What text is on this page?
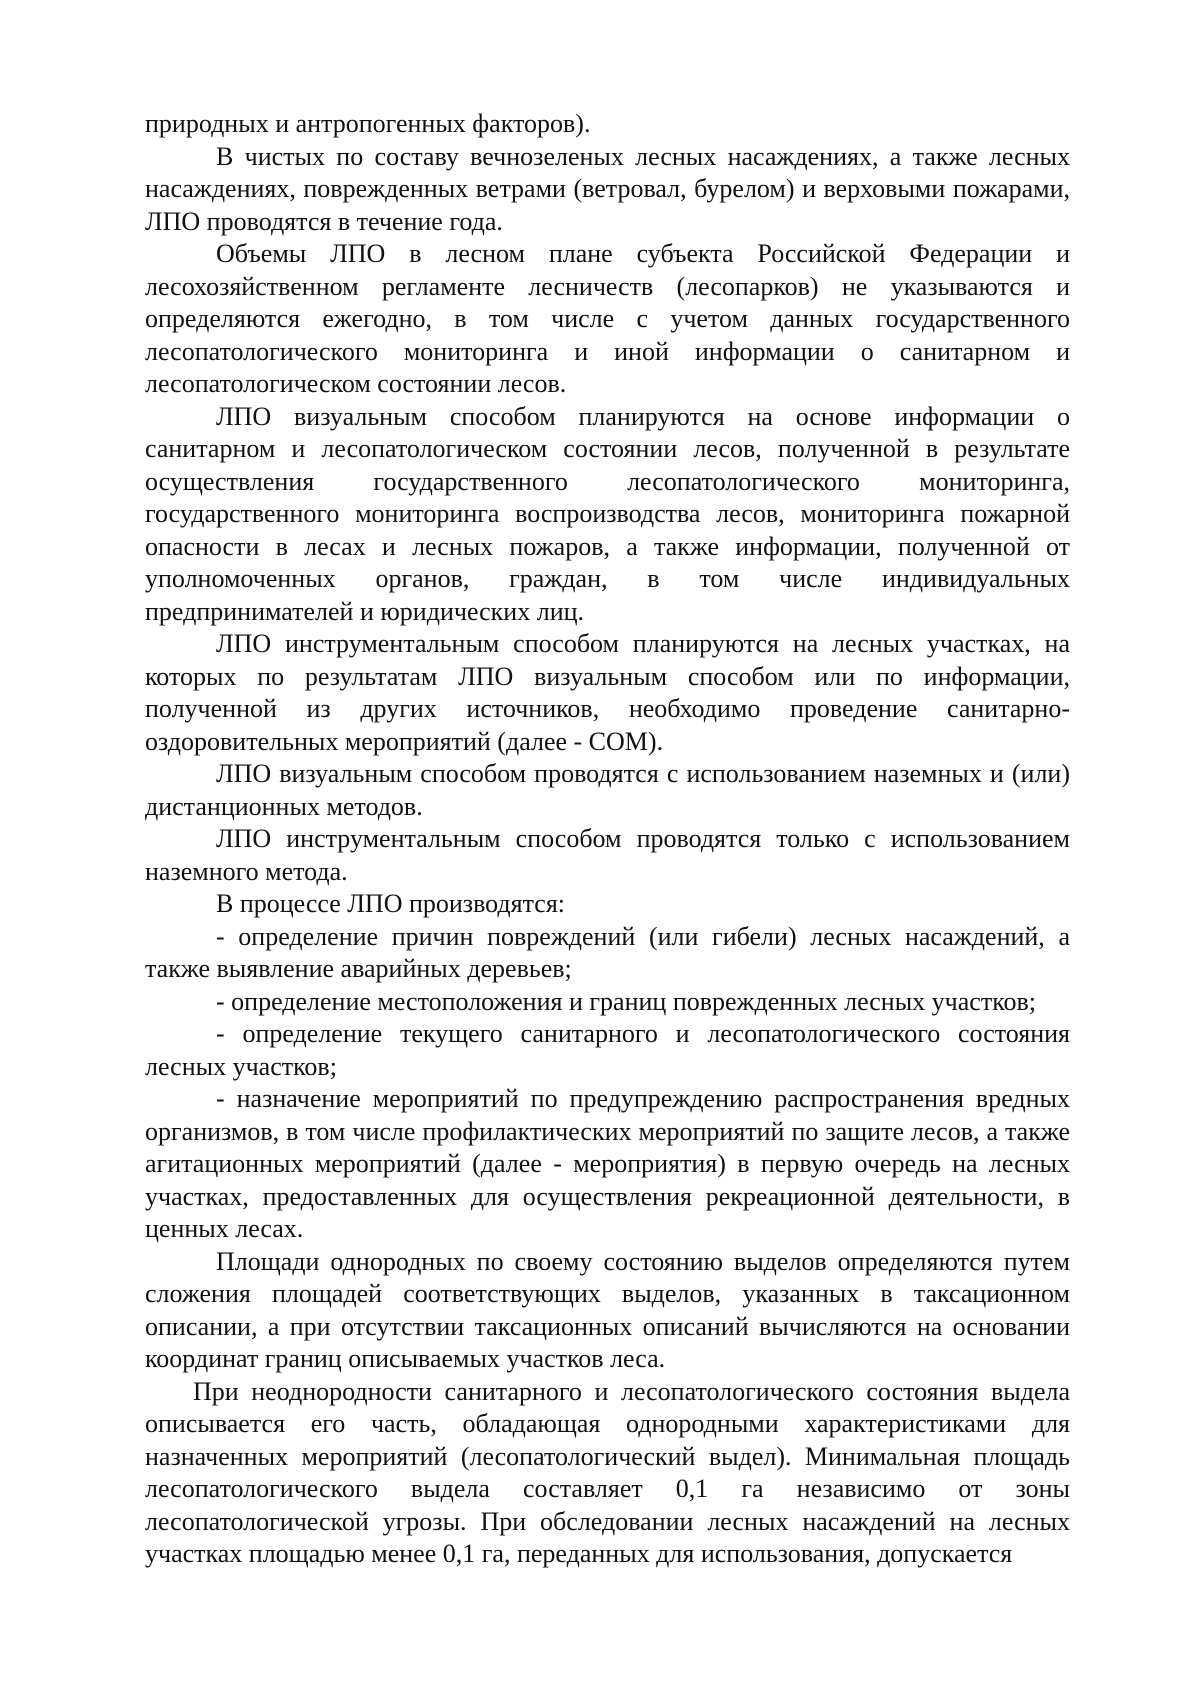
природных и антропогенных факторов).

В чистых по составу вечнозеленых лесных насаждениях, а также лесных насаждениях, поврежденных ветрами (ветровал, бурелом) и верховыми пожарами, ЛПО проводятся в течение года.

Объемы ЛПО в лесном плане субъекта Российской Федерации и лесохозяйственном регламенте лесничеств (лесопарков) не указываются и определяются ежегодно, в том числе с учетом данных государственного лесопатологического мониторинга и иной информации о санитарном и лесопатологическом состоянии лесов.

ЛПО визуальным способом планируются на основе информации о санитарном и лесопатологическом состоянии лесов, полученной в результате осуществления государственного лесопатологического мониторинга, государственного мониторинга воспроизводства лесов, мониторинга пожарной опасности в лесах и лесных пожаров, а также информации, полученной от уполномоченных органов, граждан, в том числе индивидуальных предпринимателей и юридических лиц.

ЛПО инструментальным способом планируются на лесных участках, на которых по результатам ЛПО визуальным способом или по информации, полученной из других источников, необходимо проведение санитарно-оздоровительных мероприятий (далее - СОМ).

ЛПО визуальным способом проводятся с использованием наземных и (или) дистанционных методов.

ЛПО инструментальным способом проводятся только с использованием наземного метода.

В процессе ЛПО производятся:

- определение причин повреждений (или гибели) лесных насаждений, а также выявление аварийных деревьев;

- определение местоположения и границ поврежденных лесных участков;

- определение текущего санитарного и лесопатологического состояния лесных участков;

- назначение мероприятий по предупреждению распространения вредных организмов, в том числе профилактических мероприятий по защите лесов, а также агитационных мероприятий (далее - мероприятия) в первую очередь на лесных участках, предоставленных для осуществления рекреационной деятельности, в ценных лесах.

Площади однородных по своему состоянию выделов определяются путем сложения площадей соответствующих выделов, указанных в таксационном описании, а при отсутствии таксационных описаний вычисляются на основании координат границ описываемых участков леса.

При неоднородности санитарного и лесопатологического состояния выдела описывается его часть, обладающая однородными характеристиками для назначенных мероприятий (лесопатологический выдел). Минимальная площадь лесопатологического выдела составляет 0,1 га независимо от зоны лесопатологической угрозы. При обследовании лесных насаждений на лесных участках площадью менее 0,1 га, переданных для использования, допускается
